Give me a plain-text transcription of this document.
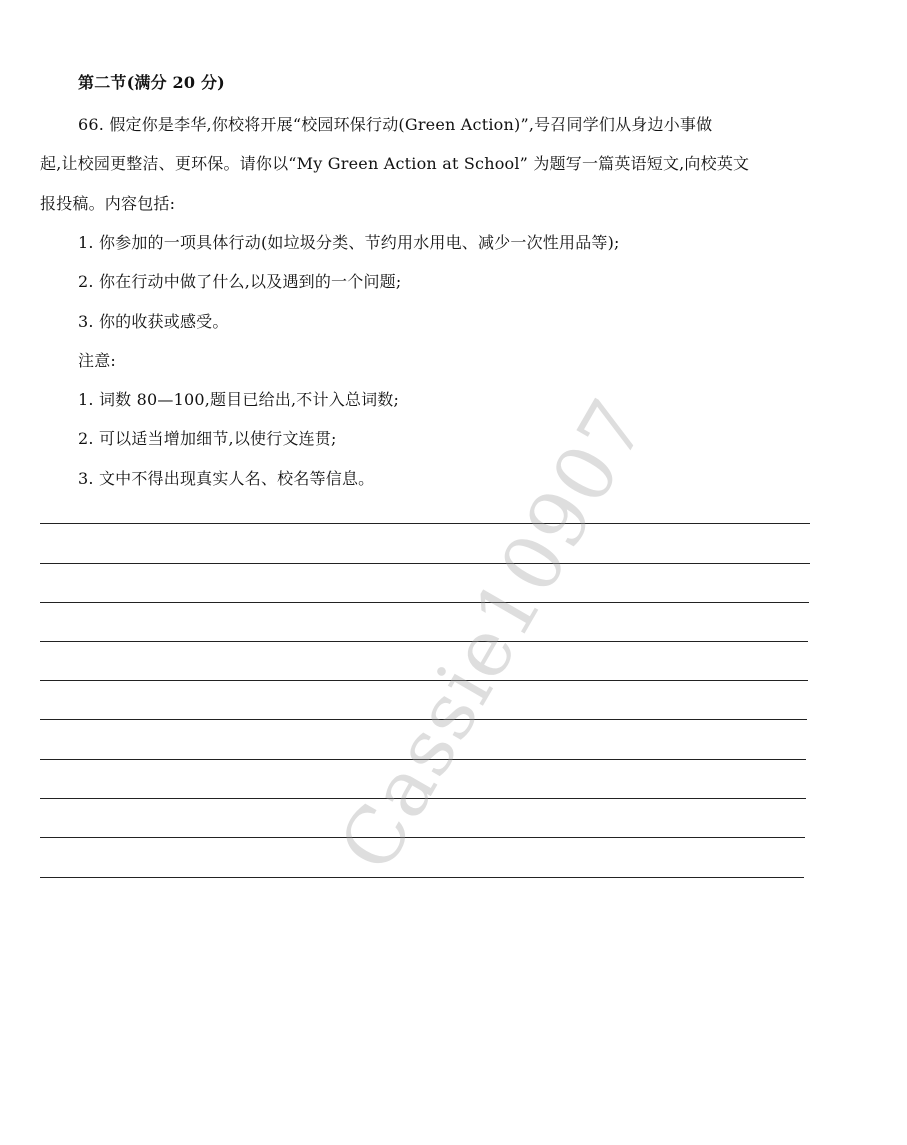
第二节(满分 20 分)
66. 假定你是李华,你校将开展“校园环保行动(Green Action)”,号召同学们从身边小事做
起,让校园更整洁、更环保。请你以“My Green Action at School” 为题写一篇英语短文,向校英文
报投稿。内容包括:
1. 你参加的一项具体行动(如垃圾分类、节约用水用电、减少一次性用品等);
2. 你在行动中做了什么,以及遇到的一个问题;
3. 你的收获或感受。
注意:
1. 词数 80—100,题目已给出,不计入总词数;
2. 可以适当增加细节,以使行文连贯;
3. 文中不得出现真实人名、校名等信息。
Cassie10907
